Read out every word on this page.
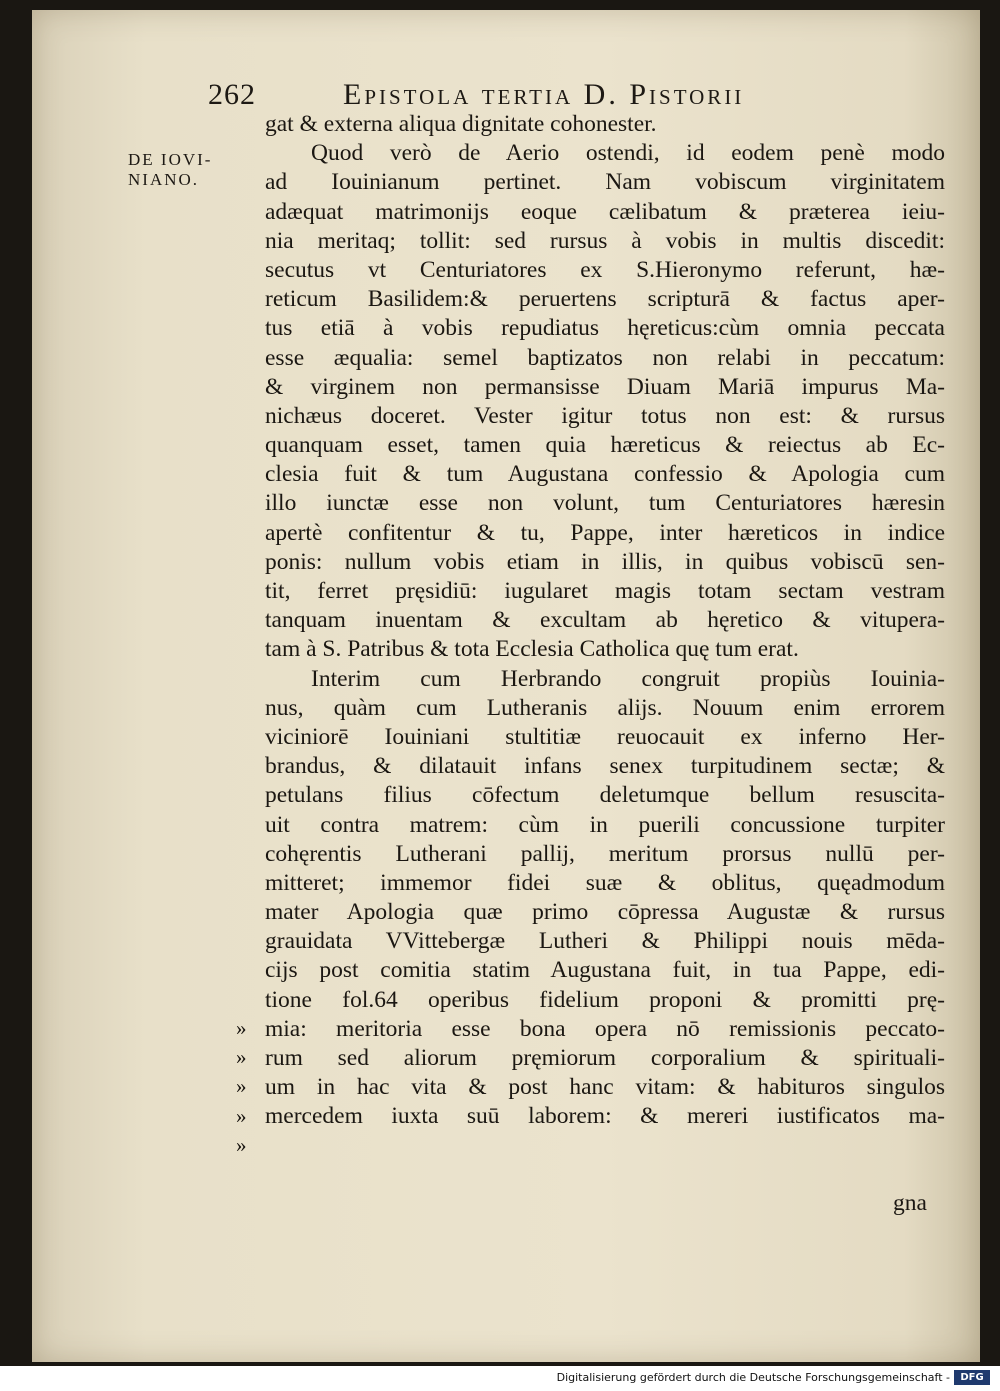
262	Epistola tertia D. Pistorii
DE IOVI-
NIANO.
gat & externa aliqua dignitate cohonester.
Quod verò de Aerio ostendi, id eodem penè modo
ad Iouinianum pertinet. Nam vobiscum virginitatem
adæquat matrimonijs eoque cælibatum & præterea ieiu-
nia meritaq; tollit: sed rursus à vobis in multis discedit:
secutus vt Centuriatores ex S.Hieronymo referunt, hæ-
reticum Basilidem:& peruertens scripturā & factus aper-
tus etiā à vobis repudiatus hęreticus:cùm omnia peccata
esse æqualia: semel baptizatos non relabi in peccatum:
& virginem non permansisse Diuam Mariā impurus Ma-
nichæus doceret. Vester igitur totus non est: & rursus
quanquam esset, tamen quia hæreticus & reiectus ab Ec-
clesia fuit & tum Augustana confessio & Apologia cum
illo iunctæ esse non volunt, tum Centuriatores hæresin
apertè confitentur & tu, Pappe, inter hæreticos in indice
ponis: nullum vobis etiam in illis, in quibus vobiscū sen-
tit, ferret pręsidiū: iugularet magis totam sectam vestram
tanquam inuentam & excultam ab hęretico & vitupera-
tam à S. Patribus & tota Ecclesia Catholica quę tum erat.
Interim cum Herbrando congruit propiùs Iouinia-
nus, quàm cum Lutheranis alijs. Nouum enim errorem
viciniorē Iouiniani stultitiæ reuocauit ex inferno Her-
brandus, & dilatauit infans senex turpitudinem sectæ; &
petulans filius cōfectum deletumque bellum resuscita-
uit contra matrem: cùm in puerili concussione turpiter
cohęrentis Lutherani pallij, meritum prorsus nullū per-
mitteret; immemor fidei suæ & oblitus, quęadmodum
mater Apologia quæ primo cōpressa Augustæ & rursus
grauidata VVittebergæ Lutheri & Philippi nouis mēda-
cijs post comitia statim Augustana fuit, in tua Pappe, edi-
tione fol.64 operibus fidelium proponi & promitti prę-
mia: meritoria esse bona opera nō remissionis peccato-
rum sed aliorum pręmiorum corporalium & spirituali-
um in hac vita & post hanc vitam: & habituros singulos
mercedem iuxta suū laborem: & mereri iustificatos ma-
»
»
»
»
»
gna
Digitalisierung gefördert durch die Deutsche Forschungsgemeinschaft -	DFG
